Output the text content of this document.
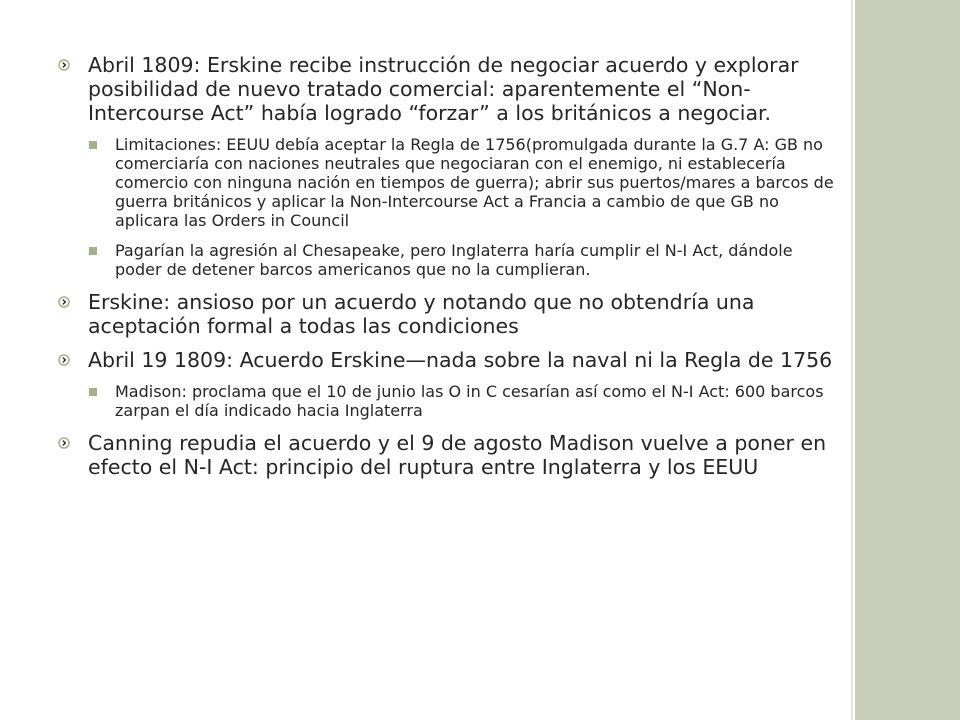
Abril 1809: Erskine recibe instrucción de negociar acuerdo y explorar posibilidad de nuevo tratado comercial: aparentemente el “Non-Intercourse Act” había logrado “forzar” a los británicos a negociar.
Limitaciones: EEUU debía aceptar la Regla de 1756(promulgada durante la G.7 A: GB no comerciaría con naciones neutrales que negociaran con el enemigo, ni establecería comercio con ninguna nación en tiempos de guerra); abrir sus puertos/mares a barcos de guerra británicos y aplicar la Non-Intercourse Act a Francia a cambio de que GB no aplicara las Orders in Council
Pagarían la agresión al Chesapeake, pero Inglaterra haría cumplir el N-I Act, dándole poder de detener barcos americanos que no la cumplieran.
Erskine: ansioso por un acuerdo y notando que no obtendría una aceptación formal a todas las condiciones
Abril 19 1809: Acuerdo Erskine—nada sobre la naval ni la Regla de 1756
Madison: proclama que el 10 de junio las O in C cesarían así como el N-I Act: 600 barcos zarpan el día indicado hacia Inglaterra
Canning repudia el acuerdo y el 9 de agosto Madison vuelve a poner en efecto el N-I Act: principio del ruptura entre Inglaterra y los EEUU
